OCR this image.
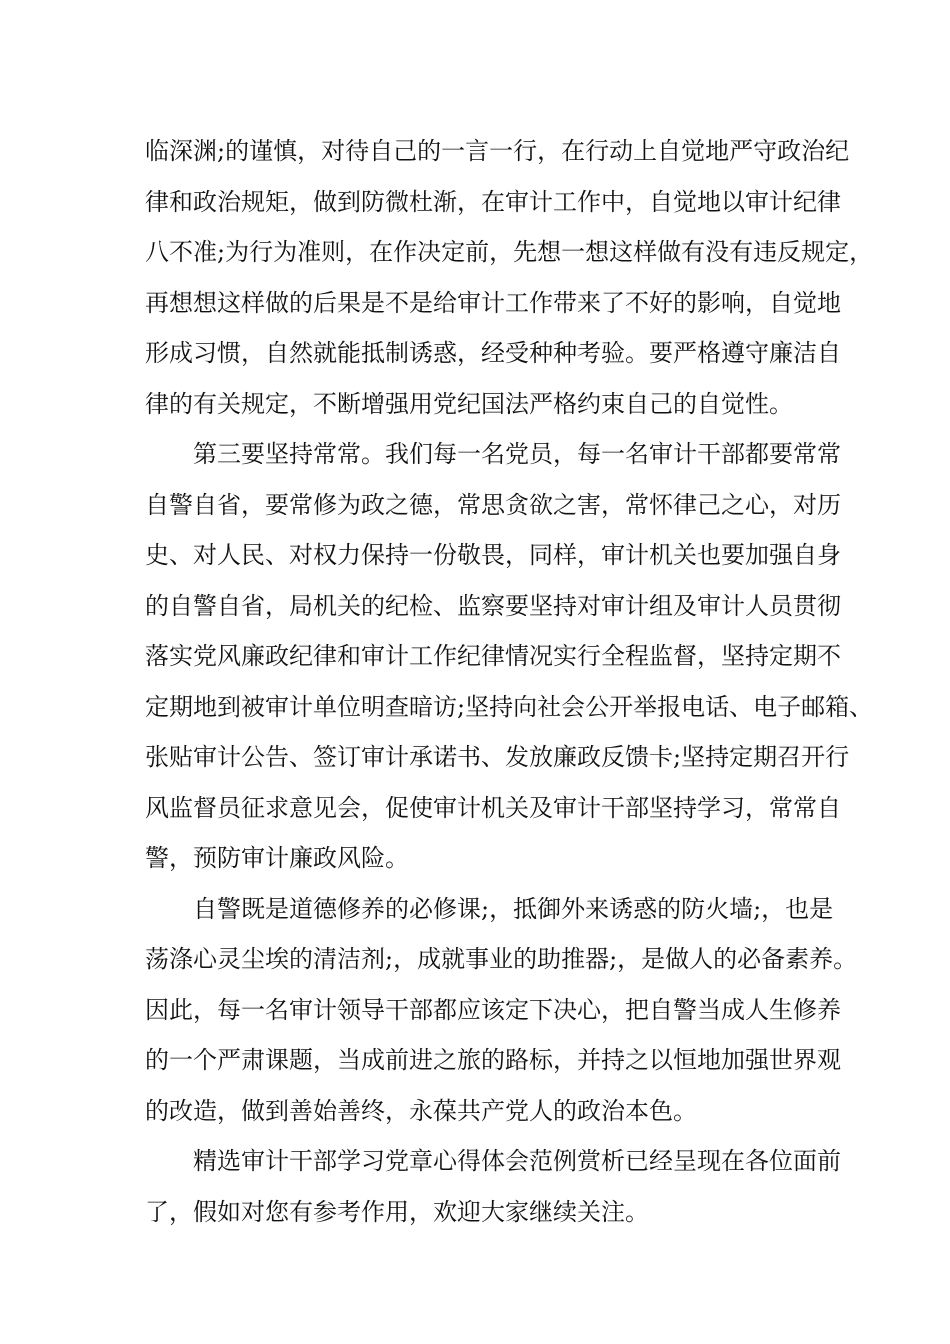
临深渊;的谨慎，对待自己的一言一行，在行动上自觉地严守政治纪
律和政治规矩，做到防微杜渐，在审计工作中，自觉地以审计纪律
八不准;为行为准则，在作决定前，先想一想这样做有没有违反规定，
再想想这样做的后果是不是给审计工作带来了不好的影响，自觉地
形成习惯，自然就能抵制诱惑，经受种种考验。要严格遵守廉洁自
律的有关规定，不断增强用党纪国法严格约束自己的自觉性。

第三要坚持常常。我们每一名党员，每一名审计干部都要常常
自警自省，要常修为政之德，常思贪欲之害，常怀律己之心，对历
史、对人民、对权力保持一份敬畏，同样，审计机关也要加强自身
的自警自省，局机关的纪检、监察要坚持对审计组及审计人员贯彻
落实党风廉政纪律和审计工作纪律情况实行全程监督，坚持定期不
定期地到被审计单位明查暗访;坚持向社会公开举报电话、电子邮箱、
张贴审计公告、签订审计承诺书、发放廉政反馈卡;坚持定期召开行
风监督员征求意见会，促使审计机关及审计干部坚持学习，常常自
警，预防审计廉政风险。

自警既是道德修养的必修课;，抵御外来诱惑的防火墙;，也是
荡涤心灵尘埃的清洁剂;，成就事业的助推器;，是做人的必备素养。
因此，每一名审计领导干部都应该定下决心，把自警当成人生修养
的一个严肃课题，当成前进之旅的路标，并持之以恒地加强世界观
的改造，做到善始善终，永葆共产党人的政治本色。

精选审计干部学习党章心得体会范例赏析已经呈现在各位面前
了，假如对您有参考作用，欢迎大家继续关注。
